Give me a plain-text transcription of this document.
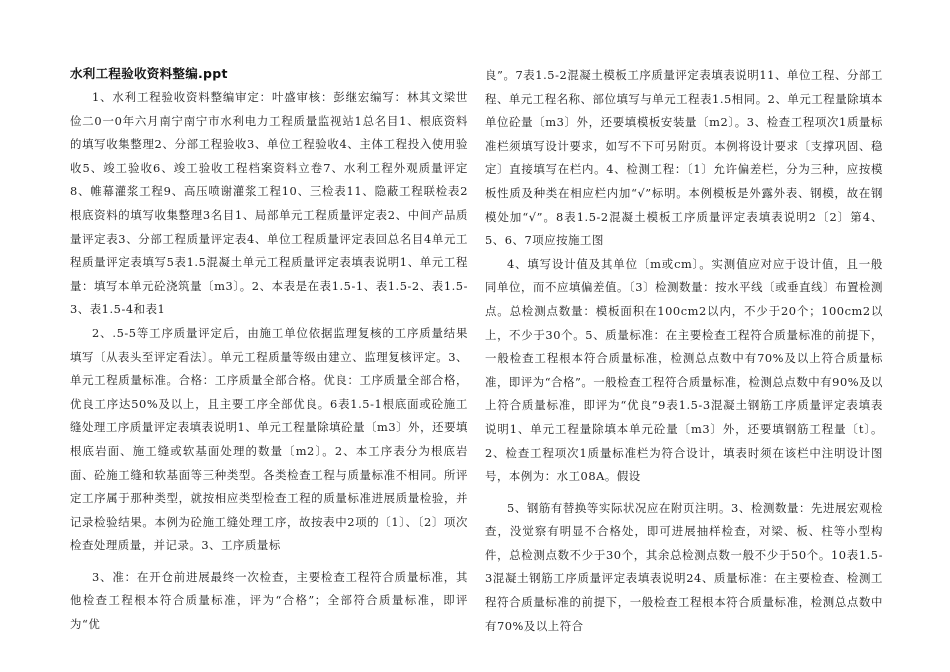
水利工程验收资料整编.ppt

1、水利工程验收资料整编审定：叶盛审核：彭继宏编写：林其文梁世俭二0一0年六月南宁南宁市水利电力工程质量监视站1总名目1、根底资料的填写收集整理2、分部工程验收3、单位工程验收4、主体工程投入使用验收5、竣工验收6、竣工验收工程档案资料立卷7、水利工程外观质量评定8、帷幕灌浆工程9、高压喷谢灌浆工程10、三检表11、隐蔽工程联检表2根底资料的填写收集整理3名目1、局部单元工程质量评定表2、中间产品质量评定表3、分部工程质量评定表4、单位工程质量评定表回总名目4单元工程质量评定表填写5表1.5混凝土单元工程质量评定表填表说明1、单元工程量：填写本单元砼浇筑量〔m3〕。2、本表是在表1.5-1、表1.5-2、表1.5-3、表1.5-4和表1

2、.5-5等工序质量评定后，由施工单位依据监理复核的工序质量结果填写〔从表头至评定看法〕。单元工程质量等级由建立、监理复核评定。3、单元工程质量标准。合格：工序质量全部合格。优良：工序质量全部合格，优良工序达50%及以上，且主要工序全部优良。6表1.5-1根底面或砼施工缝处理工序质量评定表填表说明1、单元工程量除填砼量〔m3〕外，还要填根底岩面、施工缝或软基面处理的数量〔m2〕。2、本工序表分为根底岩面、砼施工缝和软基面等三种类型。各类检查工程与质量标准不相同。所评定工序属于那种类型，就按相应类型检查工程的质量标准进展质量检验，并记录检验结果。本例为砼施工缝处理工序，故按表中2项的〔1〕、〔2〕项次检查处理质量，并记录。3、工序质量标

3、准：在开仓前进展最终一次检查，主要检查工程符合质量标准，其他检查工程根本符合质量标准，评为“合格”；全部符合质量标准，即评为“优

良”。7表1.5-2混凝土模板工序质量评定表填表说明11、单位工程、分部工程、单元工程名称、部位填写与单元工程表1.5相同。2、单元工程量除填本单位砼量〔m3〕外，还要填模板安装量〔m2〕。3、检查工程项次1质量标准栏须填写设计要求，如写不下可另附页。本例将设计要求〔支撑巩固、稳定〕直接填写在栏内。4、检测工程：〔1〕允许偏差栏，分为三种，应按模板性质及种类在相应栏内加“√”标明。本例模板是外露外表、钢模，故在钢模处加“√”。8表1.5-2混凝土模板工序质量评定表填表说明2〔2〕第4、5、6、7项应按施工图

4、填写设计值及其单位〔m或cm〕。实测值应对应于设计值，且一般同单位，而不应填偏差值。〔3〕检测数量：按水平线〔或垂直线〕布置检测点。总检测点数量：模板面积在100cm2以内，不少于20个；100cm2以上，不少于30个。5、质量标准：在主要检查工程符合质量标准的前提下，一般检查工程根本符合质量标准，检测总点数中有70%及以上符合质量标准，即评为“合格”。一般检查工程符合质量标准，检测总点数中有90%及以上符合质量标准，即评为“优良”9表1.5-3混凝土钢筋工序质量评定表填表说明1、单元工程量除填本单元砼量〔m3〕外，还要填钢筋工程量〔t〕。2、检查工程项次1质量标准栏为符合设计，填表时须在该栏中注明设计图号，本例为：水工08A。假设

5、钢筋有替换等实际状况应在附页注明。3、检测数量：先进展宏观检查，没觉察有明显不合格处，即可进展抽样检查，对梁、板、柱等小型构件，总检测点数不少于30个，其余总检测点数一般不少于50个。10表1.5-3混凝土钢筋工序质量评定表填表说明24、质量标准：在主要检查、检测工程符合质量标准的前提下，一般检查工程根本符合质量标准，检测总点数中有70%及以上符合
